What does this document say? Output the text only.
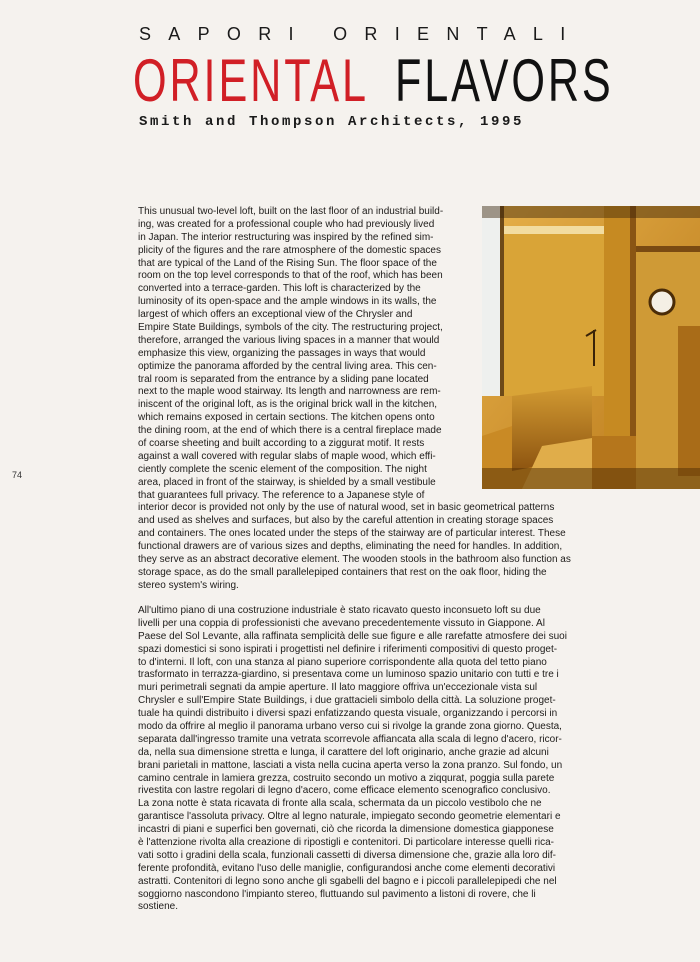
SAPORI ORIENTALI
ORIENTAL FLAVORS
Smith and Thompson Architects, 1995
74
This unusual two-level loft, built on the last floor of an industrial build-
ing, was created for a professional couple who had previously lived
in Japan. The interior restructuring was inspired by the refined sim-
plicity of the figures and the rare atmosphere of the domestic spaces
that are typical of the Land of the Rising Sun. The floor space of the
room on the top level corresponds to that of the roof, which has been
converted into a terrace-garden. This loft is characterized by the
luminosity of its open-space and the ample windows in its walls, the
largest of which offers an exceptional view of the Chrysler and
Empire State Buildings, symbols of the city. The restructuring project,
therefore, arranged the various living spaces in a manner that would
emphasize this view, organizing the passages in ways that would
optimize the panorama afforded by the central living area. This cen-
tral room is separated from the entrance by a sliding pane located
next to the maple wood stairway. Its length and narrowness are rem-
iniscent of the original loft, as is the original brick wall in the kitchen,
which remains exposed in certain sections. The kitchen opens onto
the dining room, at the end of which there is a central fireplace made
of coarse sheeting and built according to a ziggurat motif. It rests
against a wall covered with regular slabs of maple wood, which effi-
ciently complete the scenic element of the composition. The night
area, placed in front of the stairway, is shielded by a small vestibule
that guarantees full privacy. The reference to a Japanese style of
interior decor is provided not only by the use of natural wood, set in basic geometrical patterns
and used as shelves and surfaces, but also by the careful attention in creating storage spaces
and containers. The ones located under the steps of the stairway are of particular interest. These
functional drawers are of various sizes and depths, eliminating the need for handles. In addition,
they serve as an abstract decorative element. The wooden stools in the bathroom also function as
storage space, as do the small parallelepiped containers that rest on the oak floor, hiding the
stereo system's wiring.
All'ultimo piano di una costruzione industriale è stato ricavato questo inconsueto loft su due
livelli per una coppia di professionisti che avevano precedentemente vissuto in Giappone. Al
Paese del Sol Levante, alla raffinata semplicità delle sue figure e alle rarefatte atmosfere dei suoi
spazi domestici si sono ispirati i progettisti nel definire i riferimenti compositivi di questo proget-
to d'interni. Il loft, con una stanza al piano superiore corrispondente alla quota del tetto piano
trasformato in terrazza-giardino, si presentava come un luminoso spazio unitario con tutti e tre i
muri perimetrali segnati da ampie aperture. Il lato maggiore offriva un'eccezionale vista sul
Chrysler e sull'Empire State Buildings, i due grattacieli simbolo della città. La soluzione proget-
tuale ha quindi distribuito i diversi spazi enfatizzando questa visuale, organizzando i percorsi in
modo da offrire al meglio il panorama urbano verso cui si rivolge la grande zona giorno. Questa,
separata dall'ingresso tramite una vetrata scorrevole affiancata alla scala di legno d'acero, ricor-
da, nella sua dimensione stretta e lunga, il carattere del loft originario, anche grazie ad alcuni
brani parietali in mattone, lasciati a vista nella cucina aperta verso la zona pranzo. Sul fondo, un
camino centrale in lamiera grezza, costruito secondo un motivo a ziqqurat, poggia sulla parete
rivestita con lastre regolari di legno d'acero, come efficace elemento scenografico conclusivo.
La zona notte è stata ricavata di fronte alla scala, schermata da un piccolo vestibolo che ne
garantisce l'assoluta privacy. Oltre al legno naturale, impiegato secondo geometrie elementari e
incastri di piani e superfici ben governati, ciò che ricorda la dimensione domestica giapponese
è l'attenzione rivolta alla creazione di ripostigli e contenitori. Di particolare interesse quelli rica-
vati sotto i gradini della scala, funzionali cassetti di diversa dimensione che, grazie alla loro dif-
ferente profondità, evitano l'uso delle maniglie, configurandosi anche come elementi decorativi
astratti. Contenitori di legno sono anche gli sgabelli del bagno e i piccoli parallelepipedi che nel
soggiorno nascondono l'impianto stereo, fluttuando sul pavimento a listoni di rovere, che li
sostiene.
